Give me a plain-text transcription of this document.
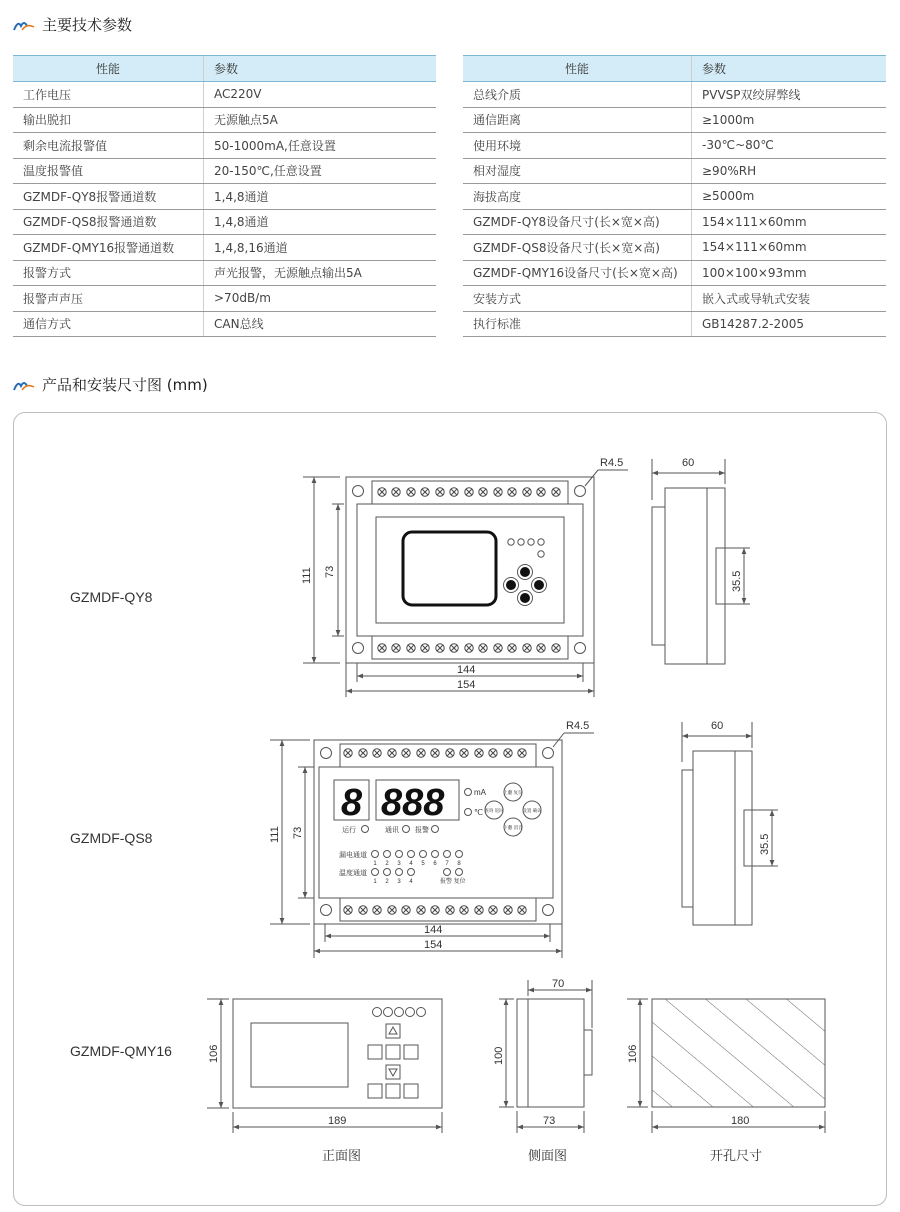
主要技术参数
性能	参数
工作电压	AC220V
输出脱扣	无源触点5A
剩余电流报警值	50-1000mA,任意设置
温度报警值	20-150℃,任意设置
GZMDF-QY8报警通道数	1,4,8通道
GZMDF-QS8报警通道数	1,4,8通道
GZMDF-QMY16报警通道数	1,4,8,16通道
报警方式	声光报警，无源触点输出5A
报警声声压	>70dB/m
通信方式	CAN总线
性能	参数
总线介质	PVVSP双绞屏弊线
通信距离	≥1000m
使用环境	-30℃~80℃
相对湿度	≥90%RH
海拔高度	≥5000m
GZMDF-QY8设备尺寸(长×宽×高)	154×111×60mm
GZMDF-QS8设备尺寸(长×宽×高)	154×111×60mm
GZMDF-QMY16设备尺寸(长×宽×高)	100×100×93mm
安装方式	嵌入式或导轨式安装
执行标准	GB14287.2-2005
产品和安装尺寸图 (mm)
GZMDF-QY8
R4.5
111 73
144
154
60
35.5
GZMDF-QS8
8 888	mA
℃
上翻 复位
查询 返回	设置 确认
下翻 消音
运行	通讯 报警
漏电通道
1 2 3 4 5 6 7 8
温度通道
1 2 3 4	报警 复位
R4.5
111 73
144
154
60
35.5
GZMDF-QMY16	106
189
正面图
70
100
73
侧面图
106
180
开孔尺寸
